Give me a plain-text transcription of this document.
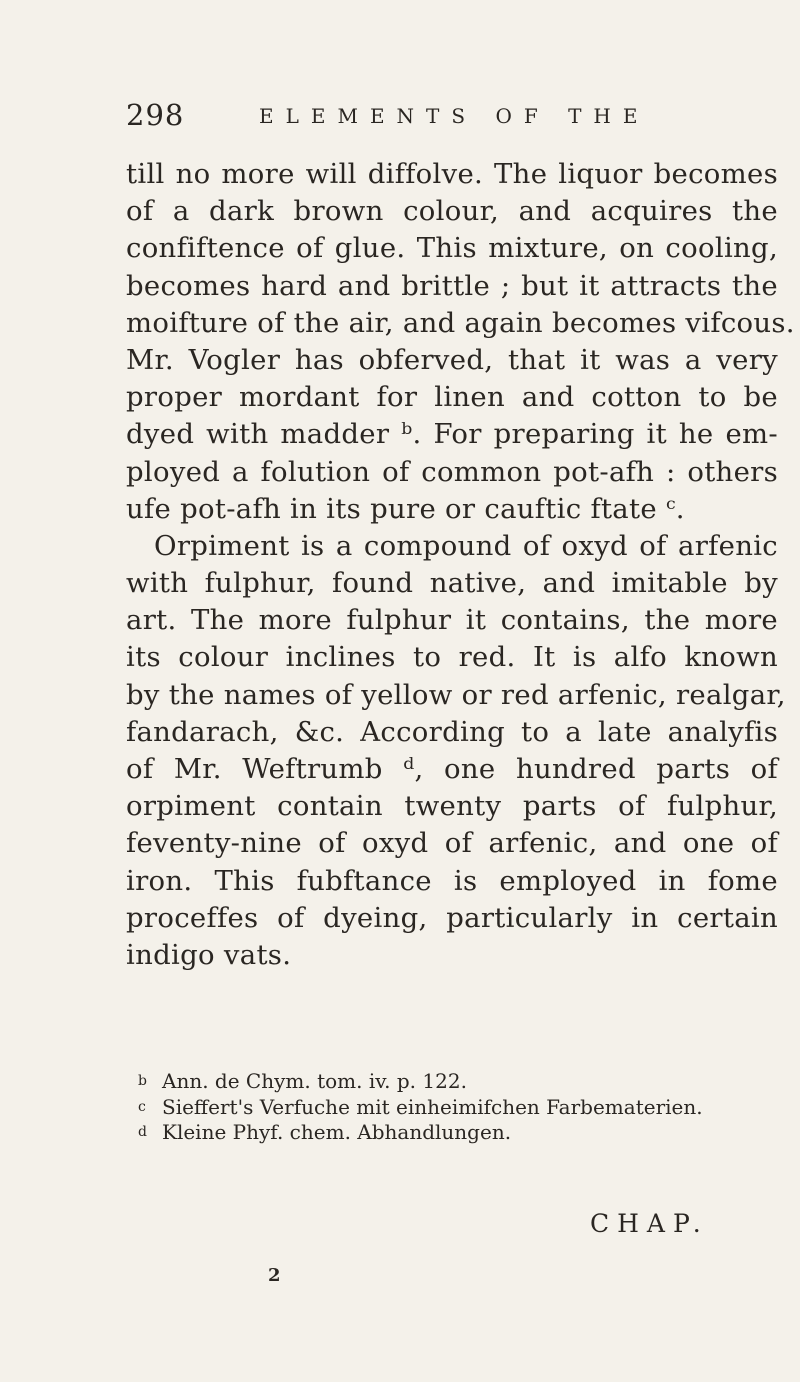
298	ELEMENTS OF THE
till no more will diffolve. The liquor becomes
of a dark brown colour, and acquires the
confiftence of glue. This mixture, on cooling,
becomes hard and brittle ; but it attracts the
moifture of the air, and again becomes vifcous.
Mr. Vogler has obferved, that it was a very
proper mordant for linen and cotton to be
dyed with madder ᵇ. For preparing it he em-
ployed a folution of common pot-afh : others
ufe pot-afh in its pure or cauftic ftate ᶜ.
Orpiment is a compound of oxyd of arfenic
with fulphur, found native, and imitable by
art. The more fulphur it contains, the more
its colour inclines to red. It is alfo known
by the names of yellow or red arfenic, realgar,
fandarach, &c. According to a late analyfis
of Mr. Weftrumb ᵈ, one hundred parts of
orpiment contain twenty parts of fulphur,
feventy-nine of oxyd of arfenic, and one of
iron. This fubftance is employed in fome
proceffes of dyeing, particularly in certain
indigo vats.
b Ann. de Chym. tom. iv. p. 122.
c Sieffert's Verfuche mit einheimifchen Farbematerien.
d Kleine Phyf. chem. Abhandlungen.
CHAP.
2
